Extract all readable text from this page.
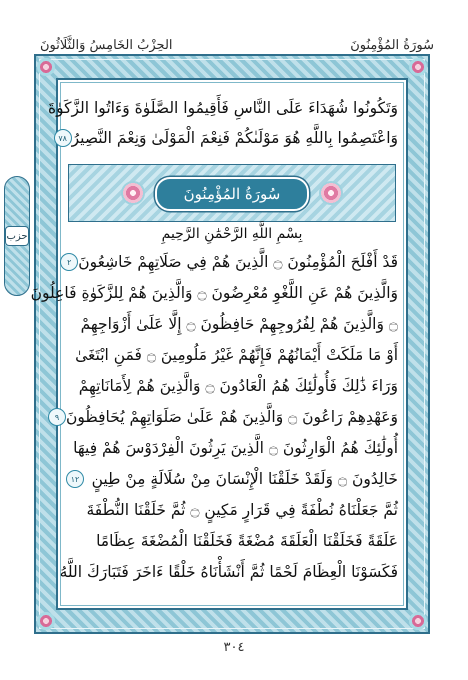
سُورَةُ المُؤْمِنُونَ
الحِزْبُ الخَامِسُ وَالثَّلَاثُونَ
حزب
وَتَكُونُوا شُهَدَاءَ عَلَى النَّاسِ فَأَقِيمُوا الصَّلَوٰةَ وَءَاتُوا الزَّكَوٰةَ
وَاعْتَصِمُوا بِاللَّهِ هُوَ مَوْلَىٰكُمْ فَنِعْمَ الْمَوْلَىٰ وَنِعْمَ النَّصِيرُ
٧٨
سُورَةُ المُؤْمِنُونَ
بِسْمِ اللَّهِ الرَّحْمَٰنِ الرَّحِيمِ
قَدْ أَفْلَحَ الْمُؤْمِنُونَ ۝ الَّذِينَ هُمْ فِي صَلَاتِهِمْ خَاشِعُونَ
٢
وَالَّذِينَ هُمْ عَنِ اللَّغْوِ مُعْرِضُونَ ۝ وَالَّذِينَ هُمْ لِلزَّكَوٰةِ فَاعِلُونَ
۝ وَالَّذِينَ هُمْ لِفُرُوجِهِمْ حَافِظُونَ ۝ إِلَّا عَلَىٰ أَزْوَاجِهِمْ
أَوْ مَا مَلَكَتْ أَيْمَانُهُمْ فَإِنَّهُمْ غَيْرُ مَلُومِينَ ۝ فَمَنِ ابْتَغَىٰ
وَرَاءَ ذَٰلِكَ فَأُولَٰئِكَ هُمُ الْعَادُونَ ۝ وَالَّذِينَ هُمْ لِأَمَانَاتِهِمْ
وَعَهْدِهِمْ رَاعُونَ ۝ وَالَّذِينَ هُمْ عَلَىٰ صَلَوَاتِهِمْ يُحَافِظُونَ
٩
أُولَٰئِكَ هُمُ الْوَارِثُونَ ۝ الَّذِينَ يَرِثُونَ الْفِرْدَوْسَ هُمْ فِيهَا
خَالِدُونَ ۝ وَلَقَدْ خَلَقْنَا الْإِنْسَانَ مِنْ سُلَالَةٍ مِنْ طِينٍ
١٢
ثُمَّ جَعَلْنَاهُ نُطْفَةً فِي قَرَارٍ مَكِينٍ ۝ ثُمَّ خَلَقْنَا النُّطْفَةَ
عَلَقَةً فَخَلَقْنَا الْعَلَقَةَ مُضْغَةً فَخَلَقْنَا الْمُضْغَةَ عِظَامًا
فَكَسَوْنَا الْعِظَامَ لَحْمًا ثُمَّ أَنْشَأْنَاهُ خَلْقًا ءَاخَرَ فَتَبَارَكَ اللَّهُ
٣٠٤
